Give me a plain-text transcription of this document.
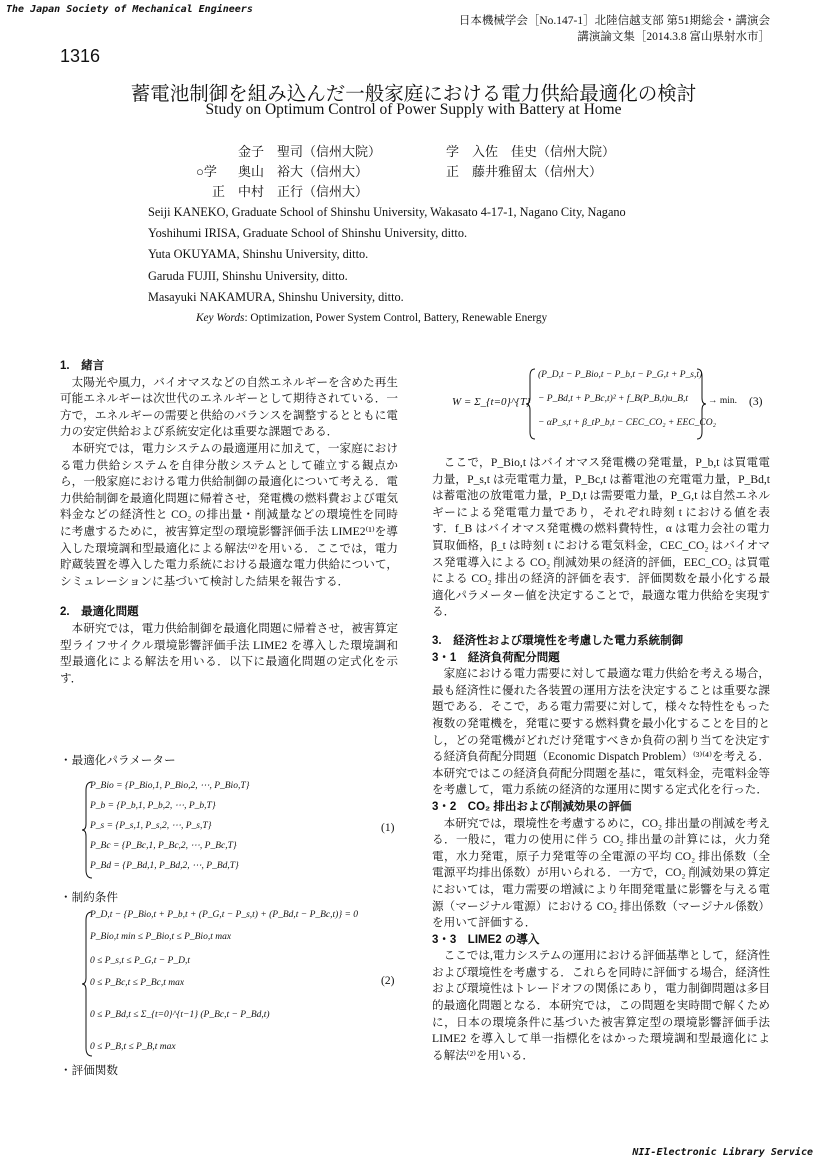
The Japan Society of Mechanical Engineers
日本機械学会［No.147-1］北陸信越支部 第51期総会・講演会
講演論文集［2014.3.8 富山県射水市］
1316
蓄電池制御を組み込んだ一般家庭における電力供給最適化の検討
Study on Optimum Control of Power Supply with Battery at Home
金子　聖司（信州大院）	学 入佐　佳史（信州大院）
○学 奥山　裕大（信州大）	正 藤井雅留太（信州大）
正 中村　正行（信州大）
Seiji KANEKO, Graduate School of Shinshu University, Wakasato 4-17-1, Nagano City, Nagano
Yoshihumi IRISA, Graduate School of Shinshu University, ditto.
Yuta OKUYAMA, Shinshu University, ditto.
Garuda FUJII, Shinshu University, ditto.
Masayuki NAKAMURA, Shinshu University, ditto.
Key Words: Optimization, Power System Control, Battery, Renewable Energy
1.　緒言

太陽光や風力，バイオマスなどの自然エネルギーを含めた再生可能エネルギーは次世代のエネルギーとして期待されている．一方で，エネルギーの需要と供給のバランスを調整するとともに電力の安定供給および系統安定化は重要な課題である．

本研究では，電力システムの最適運用に加えて，一家庭における電力供給システムを自律分散システムとして確立する観点から，一般家庭における電力供給制御の最適化について考える．電力供給制御を最適化問題に帰着させ，発電機の燃料費および電気料金などの経済性と CO₂ の排出量・削減量などの環境性を同時に考慮するために，被害算定型の環境影響評価手法 LIME2⁽¹⁾を導入した環境調和型最適化による解法⁽²⁾を用いる．ここでは，電力貯蔵装置を導入した電力系統における最適な電力供給について，シミュレーションに基づいて検討した結果を報告する．

2.　最適化問題

本研究では，電力供給制御を最適化問題に帰着させ，被害算定型ライフサイクル環境影響評価手法 LIME2 を導入した環境調和型最適化による解法を用いる．以下に最適化問題の定式化を示す．

・最適化パラメーター
P_Bio = {P_Bio,1, P_Bio,2, ⋯, P_Bio,T}
P_b = {P_b,1, P_b,2, ⋯, P_b,T}
P_s = {P_s,1, P_s,2, ⋯, P_s,T}
P_Bc = {P_Bc,1, P_Bc,2, ⋯, P_Bc,T}
P_Bd = {P_Bd,1, P_Bd,2, ⋯, P_Bd,T}
(1)
・制約条件
P_D,t − {P_Bio,t + P_b,t + (P_G,t − P_s,t) + (P_Bd,t − P_Bc,t)} = 0
P_Bio,t min ≤ P_Bio,t ≤ P_Bio,t max
0 ≤ P_s,t ≤ P_G,t − P_D,t
0 ≤ P_Bc,t ≤ P_Bc,t max
0 ≤ P_Bd,t ≤ Σ_{t=0}^{t−1} (P_Bc,t − P_Bd,t)
0 ≤ P_B,t ≤ P_B,t max
(2)
・評価関数
W = Σ_{t=0}^{T}
(P_D,t − P_Bio,t − P_b,t − P_G,t + P_s,t)
− P_Bd,t + P_Bc,t)² + f_B(P_B,t)u_B,t
− αP_s,t + β_tP_b,t − CEC_CO₂ + EEC_CO₂
→ min. (3)

ここで，P_Bio,t はバイオマス発電機の発電量，P_b,t は買電電力量，P_s,t は売電電力量，P_Bc,t は蓄電池の充電電力量，P_Bd,t は蓄電池の放電電力量，P_D,t は需要電力量，P_G,t は自然エネルギーによる発電電力量であり，それぞれ時刻 t における値を表す．f_B はバイオマス発電機の燃料費特性，α は電力会社の電力買取価格，β_t は時刻 t における電気料金，CEC_CO₂ はバイオマス発電導入による CO₂ 削減効果の経済的評価，EEC_CO₂ は買電による CO₂ 排出の経済的評価を表す．評価関数を最小化する最適化パラメーター値を決定することで，最適な電力供給を実現する．

3.　経済性および環境性を考慮した電力系統制御
3・1　経済負荷配分問題

家庭における電力需要に対して最適な電力供給を考える場合，最も経済性に優れた各装置の運用方法を決定することは重要な課題である．そこで，ある電力需要に対して，様々な特性をもった複数の発電機を，発電に要する燃料費を最小化することを目的とし，どの発電機がどれだけ発電すべきか負荷の割り当てを決定する経済負荷配分問題（Economic Dispatch Problem）⁽³⁾⁽⁴⁾を考える．本研究ではこの経済負荷配分問題を基に，電気料金，売電料金等を考慮して，電力系統の経済的な運用に関する定式化を行った．

3・2　CO₂ 排出および削減効果の評価

本研究では，環境性を考慮するめに，CO₂ 排出量の削減を考える．一般に，電力の使用に伴う CO₂ 排出量の計算には，火力発電，水力発電，原子力発電等の全電源の平均 CO₂ 排出係数（全電源平均排出係数）が用いられる．一方で，CO₂ 削減効果の算定においては，電力需要の増減により年間発電量に影響を与える電源（マージナル電源）における CO₂ 排出係数（マージナル係数）を用いて評価する．

3・3　LIME2 の導入

ここでは,電力システムの運用における評価基準として，経済性および環境性を考慮する．これらを同時に評価する場合，経済性および環境性はトレードオフの関係にあり，電力制御問題は多目的最適化問題となる．本研究では，この問題を実時間で解くために，日本の環境条件に基づいた被害算定型の環境影響評価手法 LIME2 を導入して単一指標化をはかった環境調和型最適化による解法⁽²⁾を用いる．

NII-Electronic Library Service
